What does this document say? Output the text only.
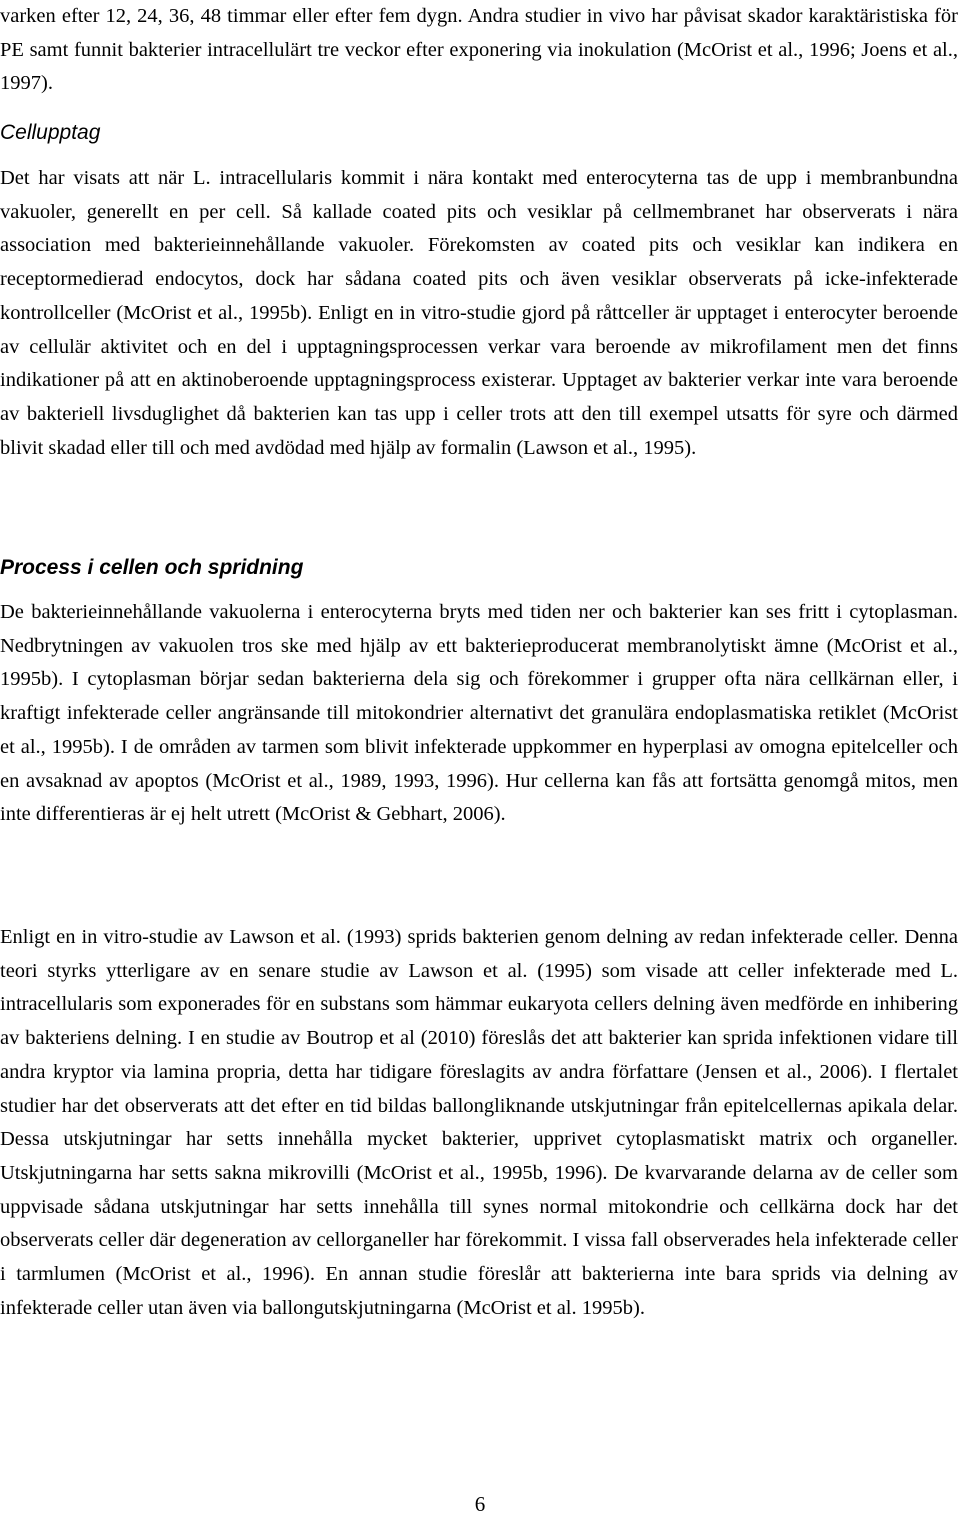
varken efter 12, 24, 36, 48 timmar eller efter fem dygn. Andra studier in vivo har påvisat skador karaktäristiska för PE samt funnit bakterier intracellulärt tre veckor efter exponering via inokulation (McOrist et al., 1996; Joens et al., 1997).

Cellupptag

Det har visats att när L. intracellularis kommit i nära kontakt med enterocyterna tas de upp i membranbundna vakuoler, generellt en per cell. Så kallade coated pits och vesiklar på cellmembranet har observerats i nära association med bakterieinnehållande vakuoler. Förekomsten av coated pits och vesiklar kan indikera en receptormedierad endocytos, dock har sådana coated pits och även vesiklar observerats på icke-infekterade kontrollceller (McOrist et al., 1995b). Enligt en in vitro-studie gjord på råttceller är upptaget i enterocyter beroende av cellulär aktivitet och en del i upptagningsprocessen verkar vara beroende av mikrofilament men det finns indikationer på att en aktinoberoende upptagningsprocess existerar. Upptaget av bakterier verkar inte vara beroende av bakteriell livsduglighet då bakterien kan tas upp i celler trots att den till exempel utsatts för syre och därmed blivit skadad eller till och med avdödad med hjälp av formalin (Lawson et al., 1995).

Process i cellen och spridning

De bakterieinnehållande vakuolerna i enterocyterna bryts med tiden ner och bakterier kan ses fritt i cytoplasman. Nedbrytningen av vakuolen tros ske med hjälp av ett bakterieproducerat membranolytiskt ämne (McOrist et al., 1995b). I cytoplasman börjar sedan bakterierna dela sig och förekommer i grupper ofta nära cellkärnan eller, i kraftigt infekterade celler angränsande till mitokondrier alternativt det granulära endoplasmatiska retiklet (McOrist et al., 1995b). I de områden av tarmen som blivit infekterade uppkommer en hyperplasi av omogna epitelceller och en avsaknad av apoptos (McOrist et al., 1989, 1993, 1996). Hur cellerna kan fås att fortsätta genomgå mitos, men inte differentieras är ej helt utrett (McOrist & Gebhart, 2006).

Enligt en in vitro-studie av Lawson et al. (1993) sprids bakterien genom delning av redan infekterade celler. Denna teori styrks ytterligare av en senare studie av Lawson et al. (1995) som visade att celler infekterade med L. intracellularis som exponerades för en substans som hämmar eukaryota cellers delning även medförde en inhibering av bakteriens delning. I en studie av Boutrop et al (2010) föreslås det att bakterier kan sprida infektionen vidare till andra kryptor via lamina propria, detta har tidigare föreslagits av andra författare (Jensen et al., 2006). I flertalet studier har det observerats att det efter en tid bildas ballongliknande utskjutningar från epitelcellernas apikala delar. Dessa utskjutningar har setts innehålla mycket bakterier, upprivet cytoplasmatiskt matrix och organeller. Utskjutningarna har setts sakna mikrovilli (McOrist et al., 1995b, 1996). De kvarvarande delarna av de celler som uppvisade sådana utskjutningar har setts innehålla till synes normal mitokondrie och cellkärna dock har det observerats celler där degeneration av cellorganeller har förekommit. I vissa fall observerades hela infekterade celler i tarmlumen (McOrist et al., 1996). En annan studie föreslår att bakterierna inte bara sprids via delning av infekterade celler utan även via ballongutskjutningarna (McOrist et al. 1995b).

6
